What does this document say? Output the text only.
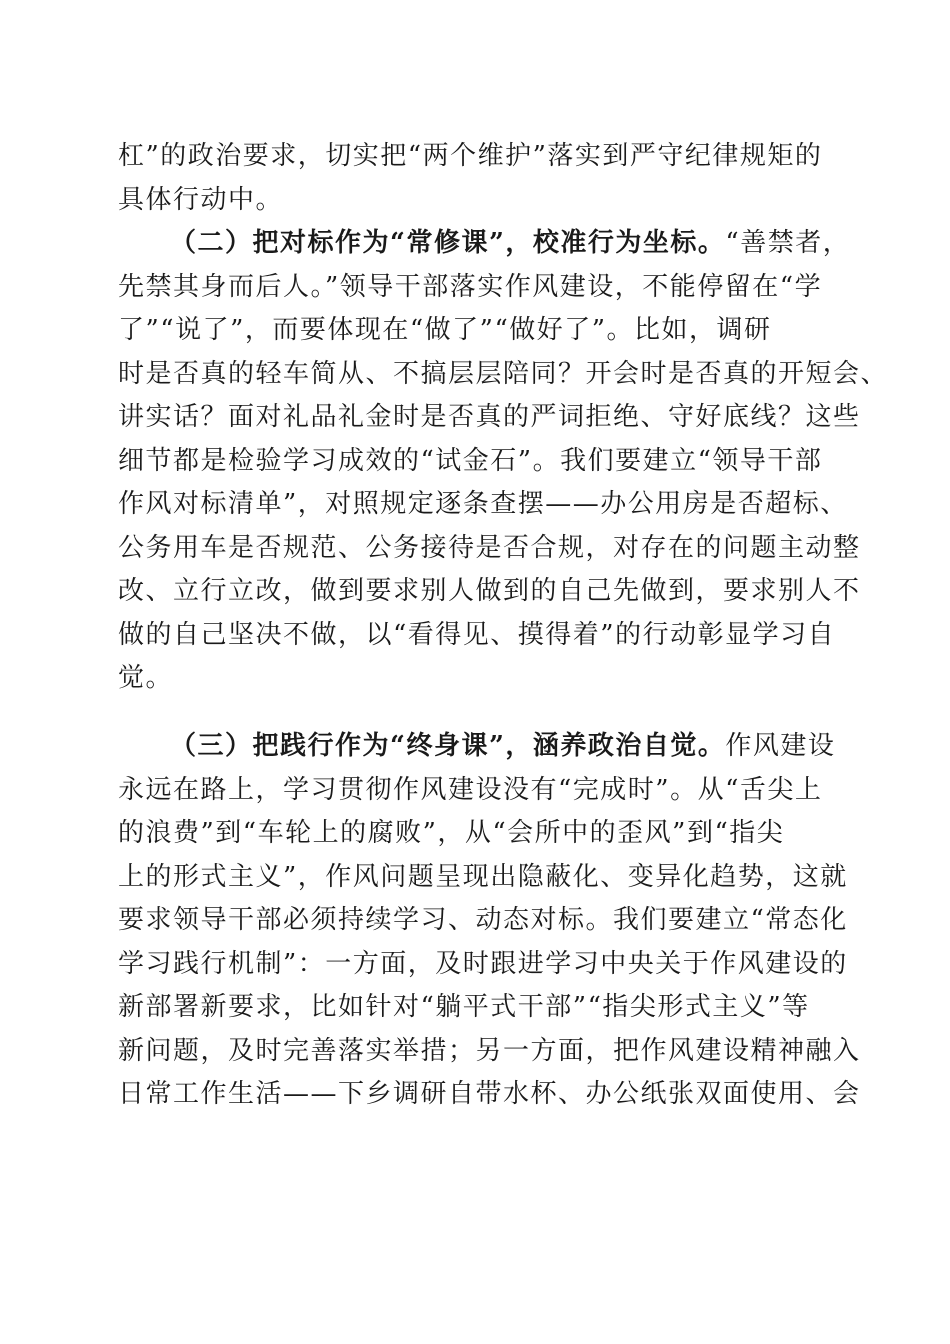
杠”的政治要求，切实把“两个维护”落实到严守纪律规矩的
具体行动中。
（二）把对标作为“常修课”，校准行为坐标。“善禁者，
先禁其身而后人。”领导干部落实作风建设，不能停留在“学
了”“说了”，而要体现在“做了”“做好了”。比如，调研
时是否真的轻车简从、不搞层层陪同？开会时是否真的开短会、
讲实话？面对礼品礼金时是否真的严词拒绝、守好底线？这些
细节都是检验学习成效的“试金石”。我们要建立“领导干部
作风对标清单”，对照规定逐条查摆——办公用房是否超标、
公务用车是否规范、公务接待是否合规，对存在的问题主动整
改、立行立改，做到要求别人做到的自己先做到，要求别人不
做的自己坚决不做，以“看得见、摸得着”的行动彰显学习自
觉。
（三）把践行作为“终身课”，涵养政治自觉。作风建设
永远在路上，学习贯彻作风建设没有“完成时”。从“舌尖上
的浪费”到“车轮上的腐败”，从“会所中的歪风”到“指尖
上的形式主义”，作风问题呈现出隐蔽化、变异化趋势，这就
要求领导干部必须持续学习、动态对标。我们要建立“常态化
学习践行机制”：一方面，及时跟进学习中央关于作风建设的
新部署新要求，比如针对“躺平式干部”“指尖形式主义”等
新问题，及时完善落实举措；另一方面，把作风建设精神融入
日常工作生活——下乡调研自带水杯、办公纸张双面使用、会
